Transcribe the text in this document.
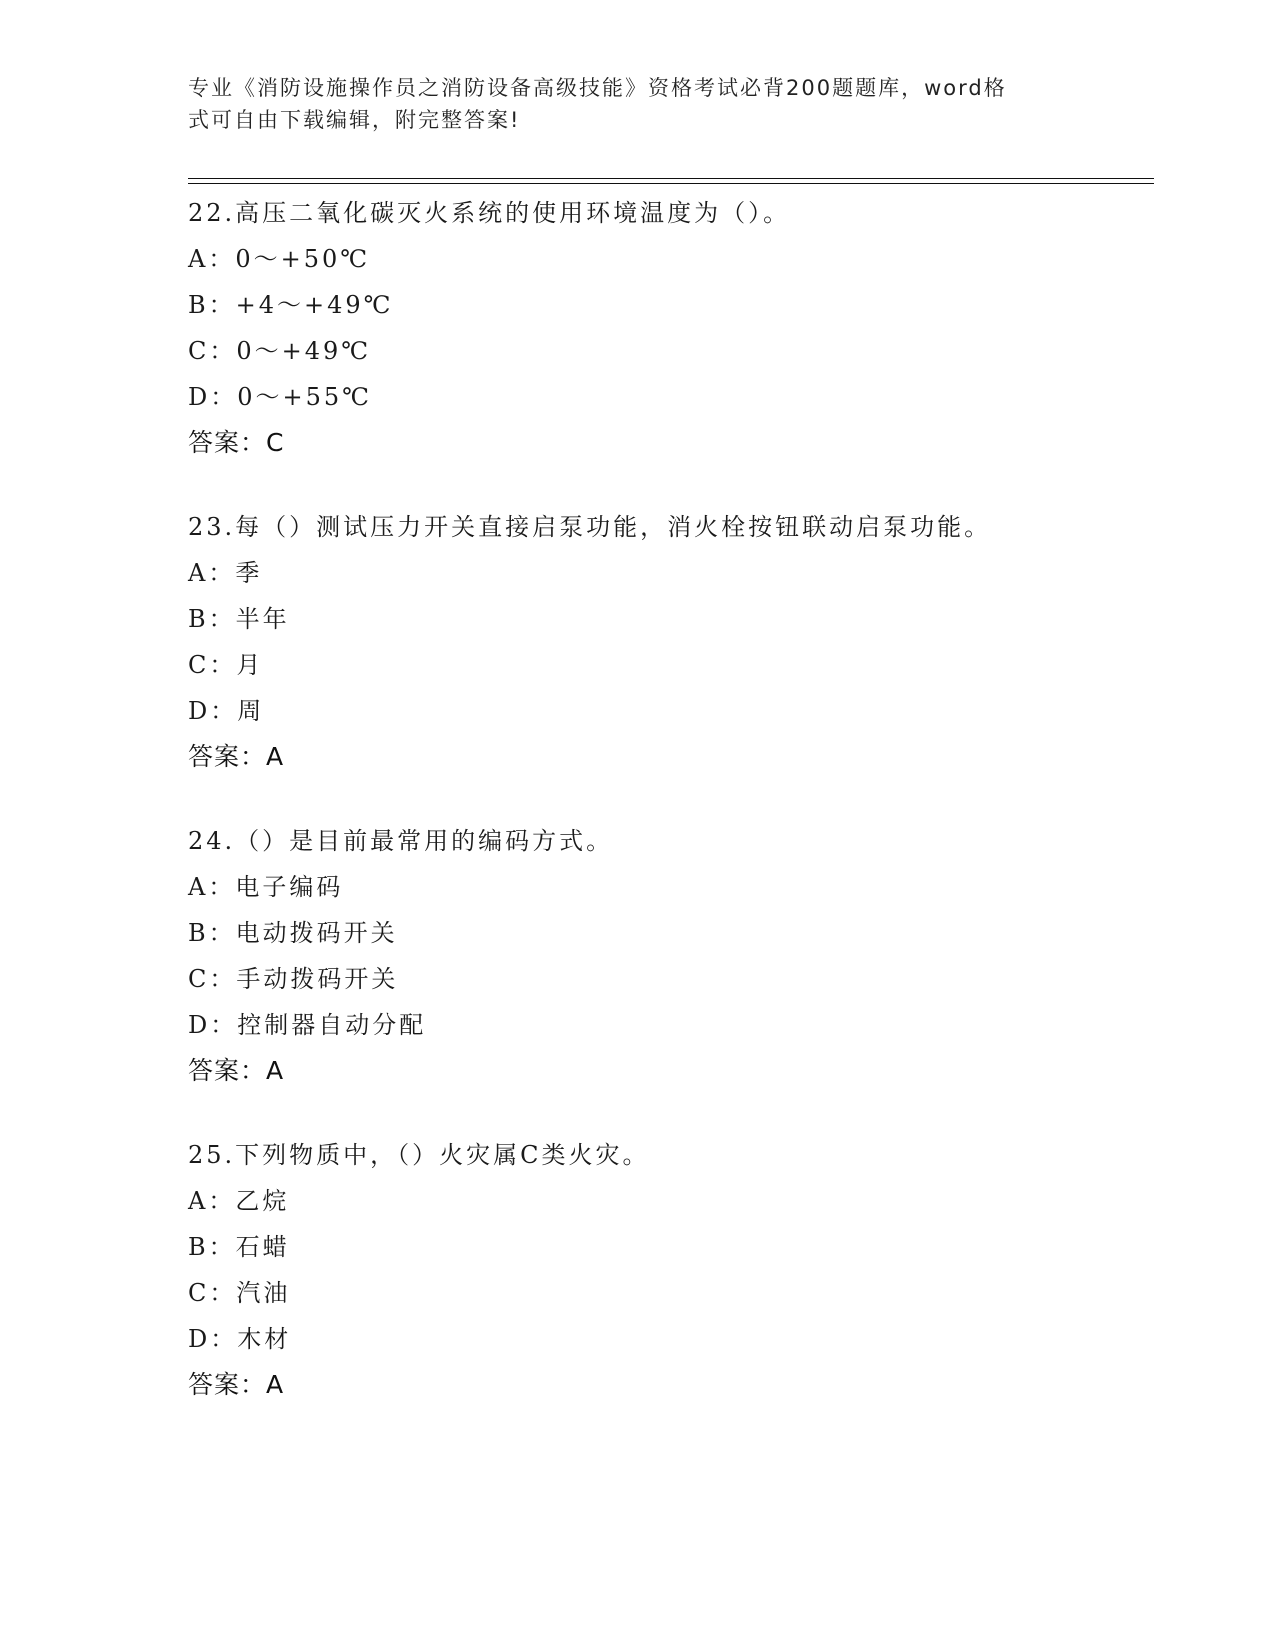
专业《消防设施操作员之消防设备高级技能》资格考试必背200题题库，word格
式可自由下载编辑，附完整答案!
22.高压二氧化碳灭火系统的使用环境温度为（）。
A：0～+50℃
B：+4～+49℃
C：0～+49℃
D：0～+55℃
答案：C
23.每（）测试压力开关直接启泵功能，消火栓按钮联动启泵功能。
A：季
B：半年
C：月
D：周
答案：A
24.（）是目前最常用的编码方式。
A：电子编码
B：电动拨码开关
C：手动拨码开关
D：控制器自动分配
答案：A
25.下列物质中，（）火灾属C类火灾。
A：乙烷
B：石蜡
C：汽油
D：木材
答案：A
